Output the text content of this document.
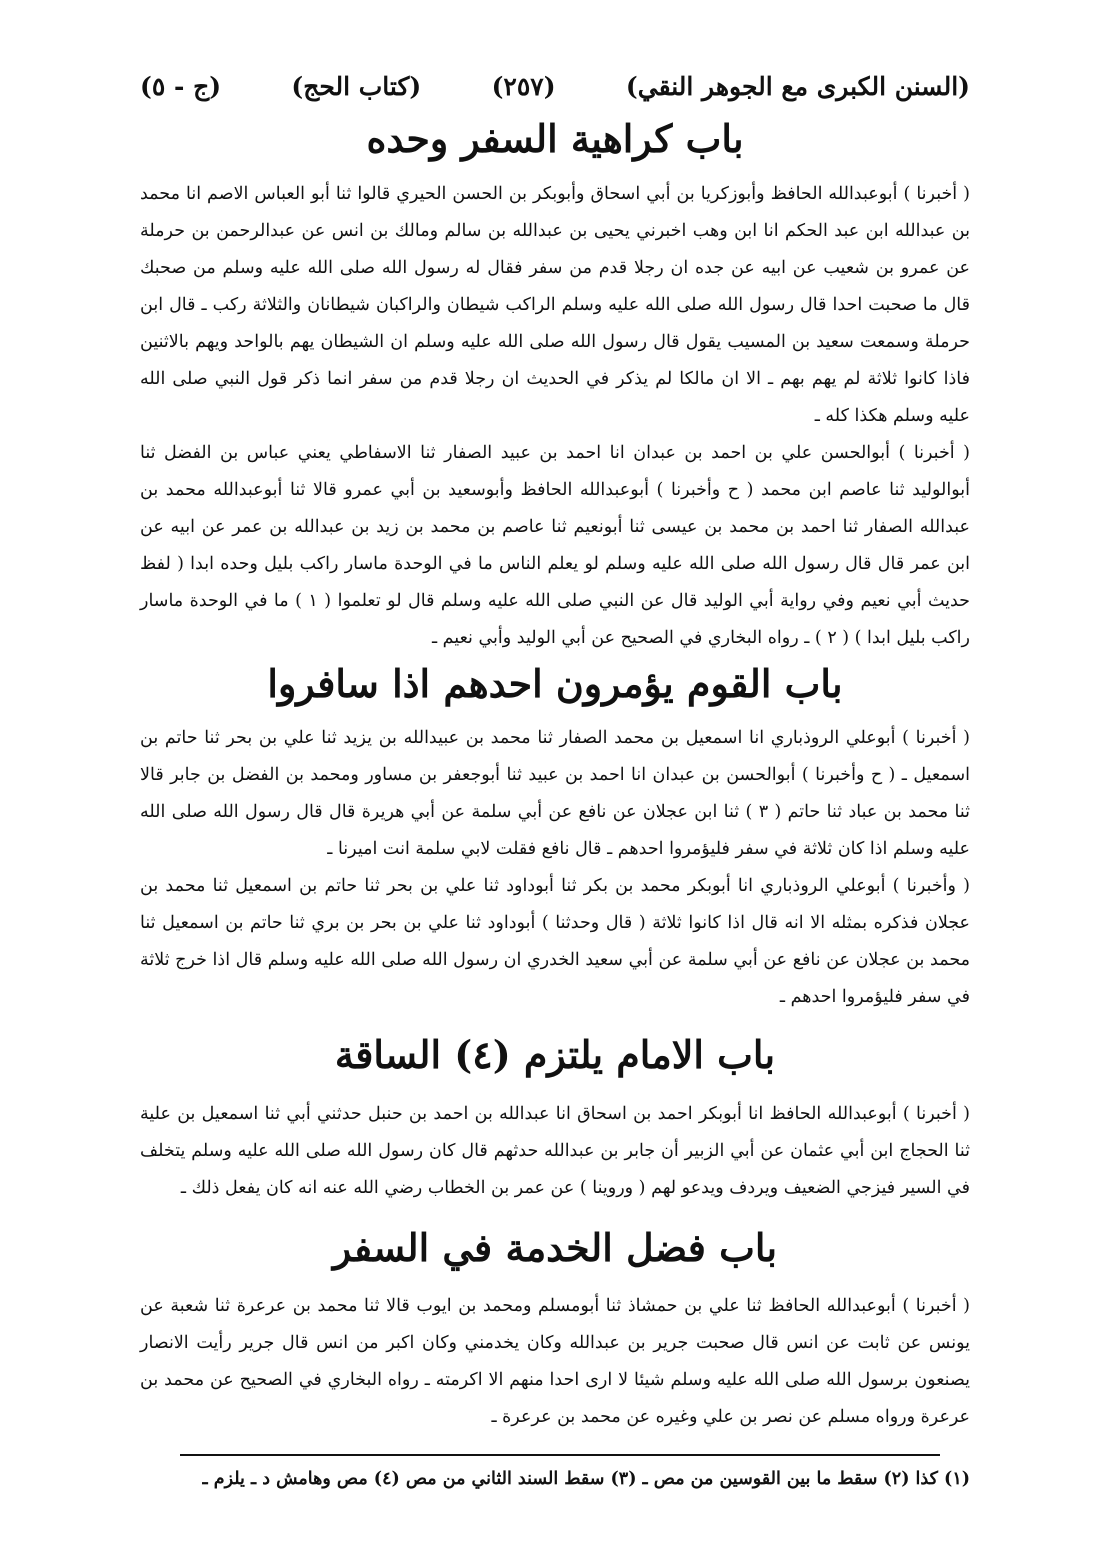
(السنن الكبرى مع الجوهر النقي)
(٢٥٧)
(كتاب الحج)
(ج - ٥)
باب كراهية السفر وحده

( أخبرنا ) أبوعبدالله الحافظ وأبوزكريا بن أبي اسحاق وأبوبكر بن الحسن الحيري قالوا ثنا أبو العباس الاصم انا محمد بن عبدالله ابن عبد الحكم انا ابن وهب اخبرني يحيى بن عبدالله بن سالم ومالك بن انس عن عبدالرحمن بن حرملة عن عمرو بن شعيب عن ابيه عن جده ان رجلا قدم من سفر فقال له رسول الله صلى الله عليه وسلم من صحبك قال ما صحبت احدا قال رسول الله صلى الله عليه وسلم الراكب شيطان والراكبان شيطانان والثلاثة ركب ـ قال ابن حرملة وسمعت سعيد بن المسيب يقول قال رسول الله صلى الله عليه وسلم ان الشيطان يهم بالواحد ويهم بالاثنين فاذا كانوا ثلاثة لم يهم بهم ـ الا ان مالكا لم يذكر في الحديث ان رجلا قدم من سفر انما ذكر قول النبي صلى الله عليه وسلم هكذا كله ـ

( أخبرنا ) أبوالحسن علي بن احمد بن عبدان انا احمد بن عبيد الصفار ثنا الاسفاطي يعني عباس بن الفضل ثنا أبوالوليد ثنا عاصم ابن محمد ( ح وأخبرنا ) أبوعبدالله الحافظ وأبوسعيد بن أبي عمرو قالا ثنا أبوعبدالله محمد بن عبدالله الصفار ثنا احمد بن محمد بن عيسى ثنا أبونعيم ثنا عاصم بن محمد بن زيد بن عبدالله بن عمر عن ابيه عن ابن عمر قال قال رسول الله صلى الله عليه وسلم لو يعلم الناس ما في الوحدة ماسار راكب بليل وحده ابدا ( لفظ حديث أبي نعيم وفي رواية أبي الوليد قال عن النبي صلى الله عليه وسلم قال لو تعلموا ( ١ ) ما في الوحدة ماسار راكب بليل ابدا ) ( ٢ ) ـ رواه البخاري في الصحيح عن أبي الوليد وأبي نعيم ـ

باب القوم يؤمرون احدهم اذا سافروا

( أخبرنا ) أبوعلي الروذباري انا اسمعيل بن محمد الصفار ثنا محمد بن عبيدالله بن يزيد ثنا علي بن بحر ثنا حاتم بن اسمعيل ـ ( ح وأخبرنا ) أبوالحسن بن عبدان انا احمد بن عبيد ثنا أبوجعفر بن مساور ومحمد بن الفضل بن جابر قالا ثنا محمد بن عباد ثنا حاتم ( ٣ ) ثنا ابن عجلان عن نافع عن أبي سلمة عن أبي هريرة قال قال رسول الله صلى الله عليه وسلم اذا كان ثلاثة في سفر فليؤمروا احدهم ـ قال نافع فقلت لابي سلمة انت اميرنا ـ

( وأخبرنا ) أبوعلي الروذباري انا أبوبكر محمد بن بكر ثنا أبوداود ثنا علي بن بحر ثنا حاتم بن اسمعيل ثنا محمد بن عجلان فذكره بمثله الا انه قال اذا كانوا ثلاثة ( قال وحدثنا ) أبوداود ثنا علي بن بحر بن بري ثنا حاتم بن اسمعيل ثنا محمد بن عجلان عن نافع عن أبي سلمة عن أبي سعيد الخدري ان رسول الله صلى الله عليه وسلم قال اذا خرج ثلاثة في سفر فليؤمروا احدهم ـ

باب الامام يلتزم (٤) الساقة

( أخبرنا ) أبوعبدالله الحافظ انا أبوبكر احمد بن اسحاق انا عبدالله بن احمد بن حنبل حدثني أبي ثنا اسمعيل بن علية ثنا الحجاج ابن أبي عثمان عن أبي الزبير أن جابر بن عبدالله حدثهم قال كان رسول الله صلى الله عليه وسلم يتخلف في السير فيزجي الضعيف ويردف ويدعو لهم ( وروينا ) عن عمر بن الخطاب رضي الله عنه انه كان يفعل ذلك ـ

باب فضل الخدمة في السفر

( أخبرنا ) أبوعبدالله الحافظ ثنا علي بن حمشاذ ثنا أبومسلم ومحمد بن ايوب قالا ثنا محمد بن عرعرة ثنا شعبة عن يونس عن ثابت عن انس قال صحبت جرير بن عبدالله وكان يخدمني وكان اكبر من انس قال جرير رأيت الانصار يصنعون برسول الله صلى الله عليه وسلم شيئا لا ارى احدا منهم الا اكرمته ـ رواه البخاري في الصحيح عن محمد بن عرعرة ورواه مسلم عن نصر بن علي وغيره عن محمد بن عرعرة ـ

(١) كذا (٢) سقط ما بين القوسين من مص ـ (٣) سقط السند الثاني من مص (٤) مص وهامش د ـ يلزم ـ
